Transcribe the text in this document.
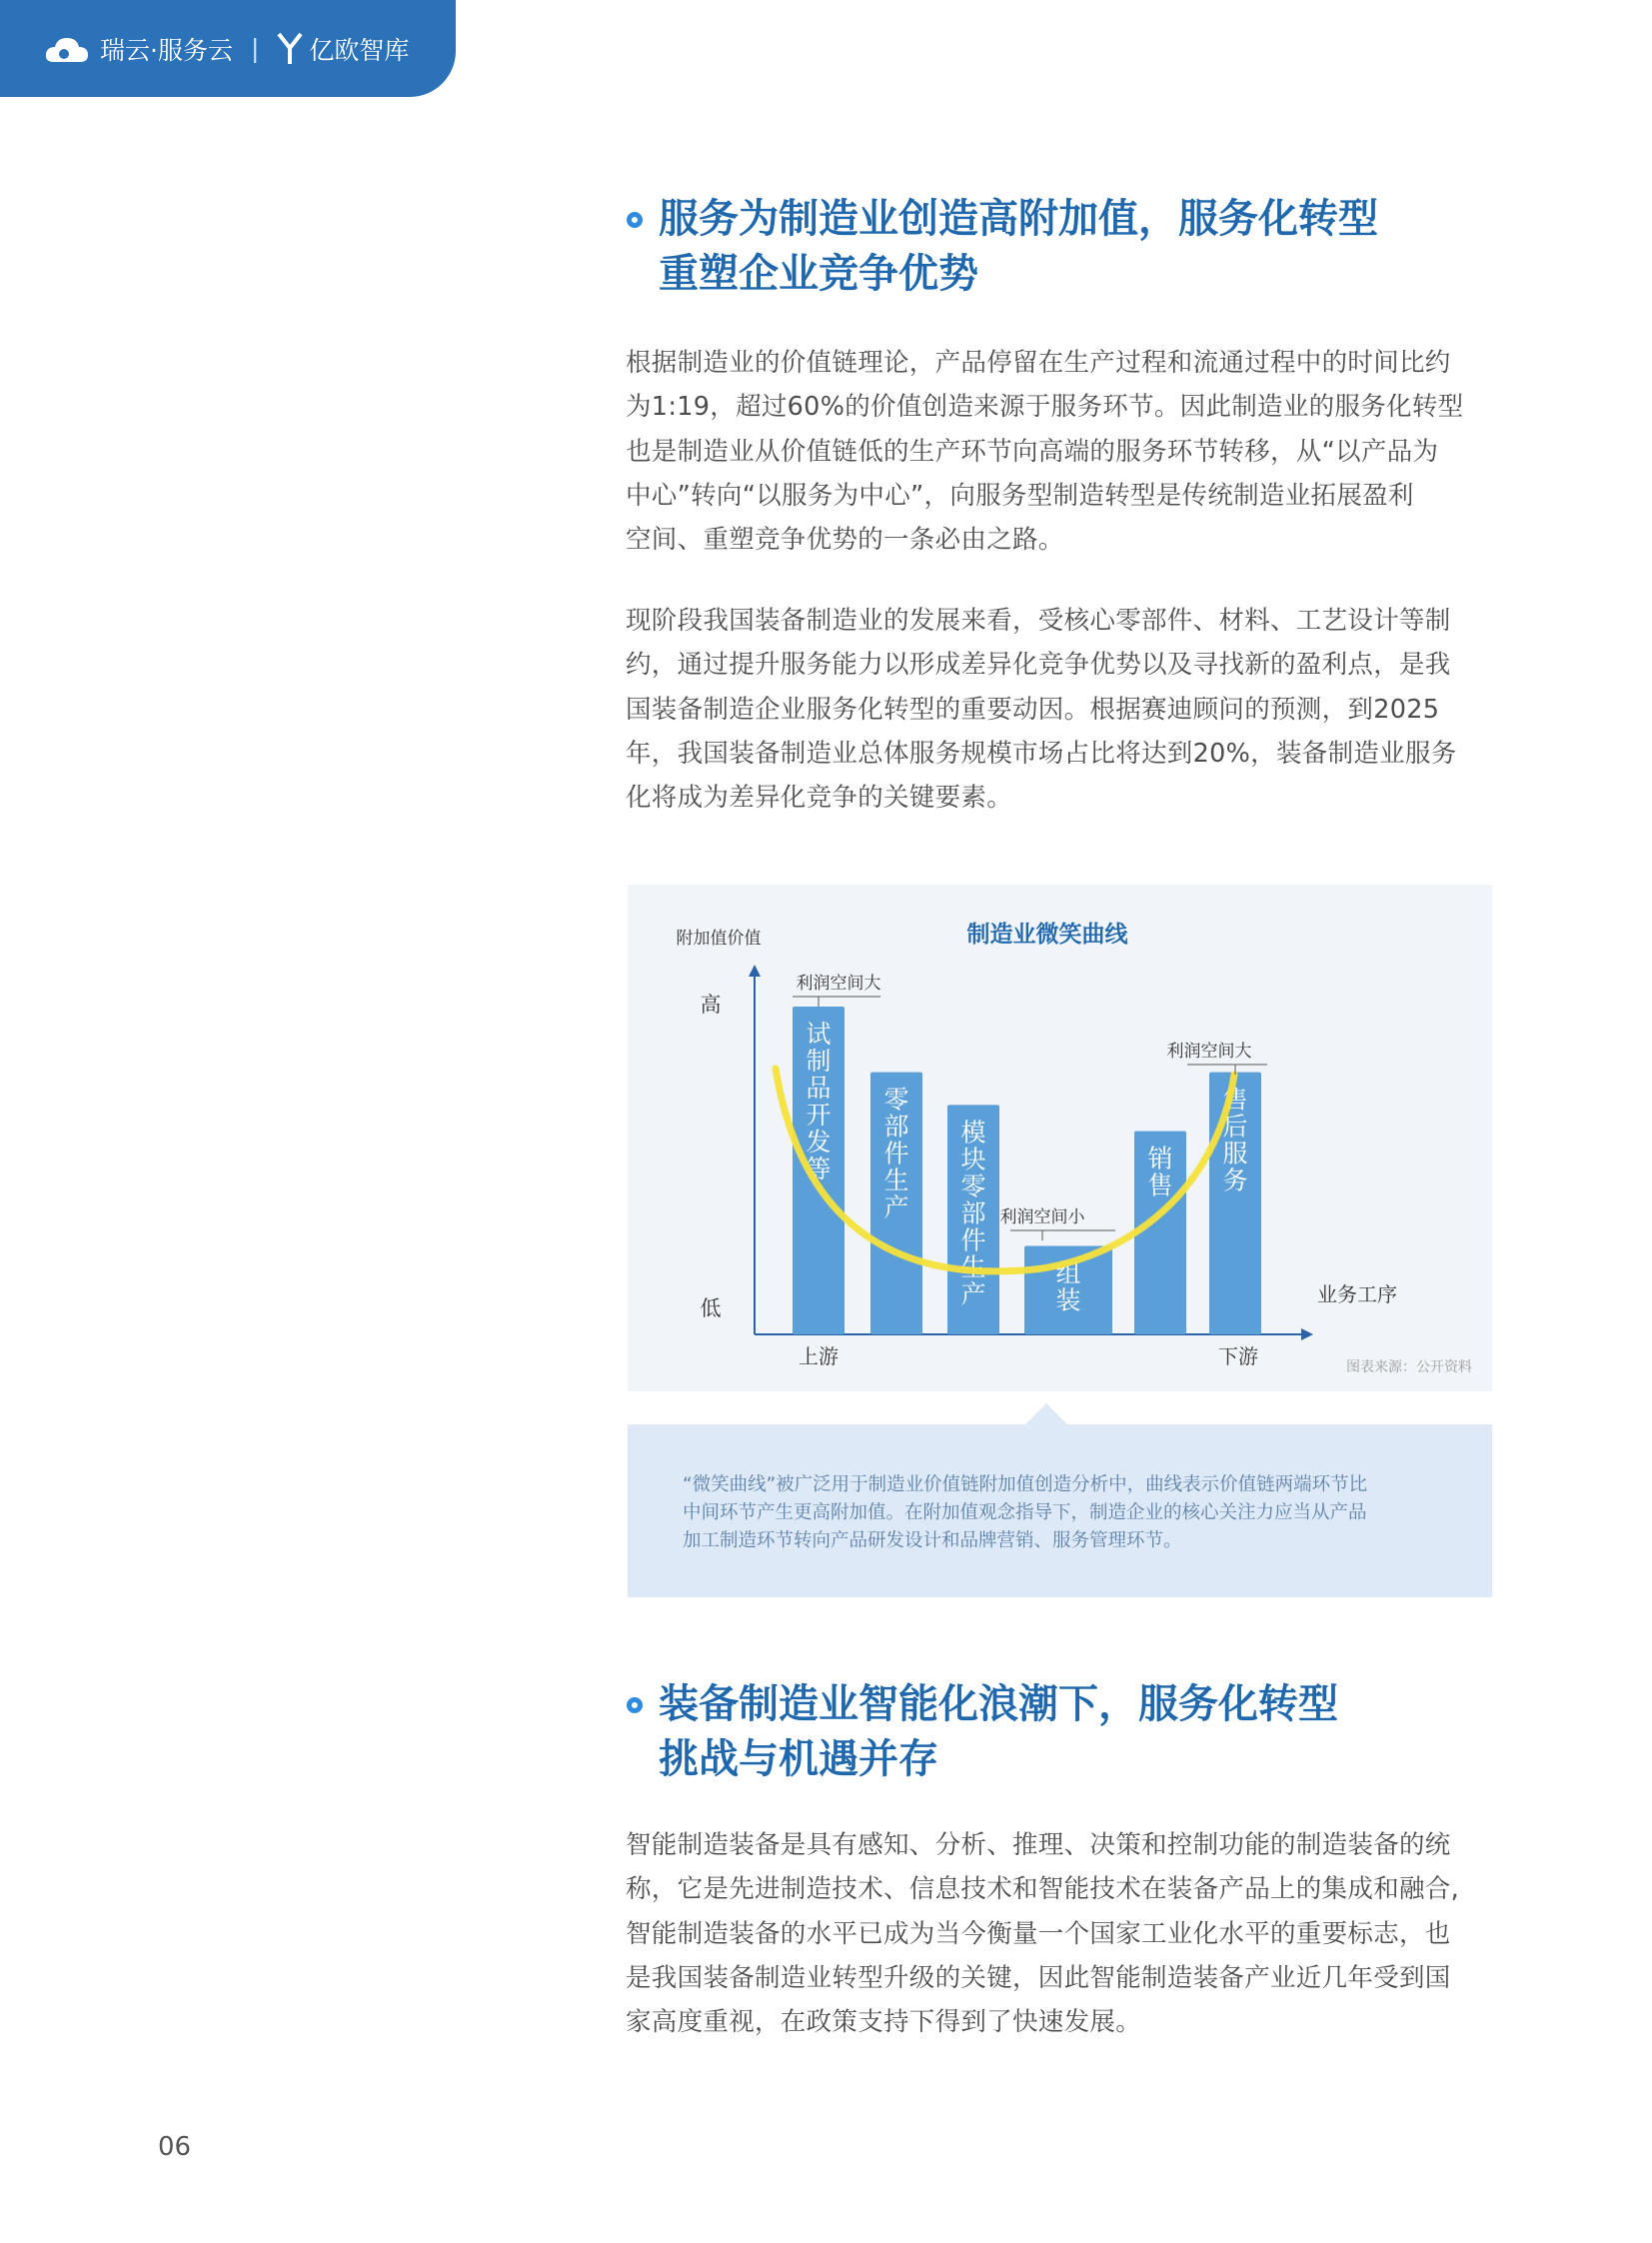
瑞云·服务云 | 亿欧智库
服务为制造业创造高附加值，服务化转型
重塑企业竞争优势
根据制造业的价值链理论，产品停留在生产过程和流通过程中的时间比约
为1:19，超过60%的价值创造来源于服务环节。因此制造业的服务化转型
也是制造业从价值链低的生产环节向高端的服务环节转移，从“以产品为
中心”转向“以服务为中心”，向服务型制造转型是传统制造业拓展盈利
空间、重塑竞争优势的一条必由之路。
现阶段我国装备制造业的发展来看，受核心零部件、材料、工艺设计等制
约，通过提升服务能力以形成差异化竞争优势以及寻找新的盈利点，是我
国装备制造企业服务化转型的重要动因。根据赛迪顾问的预测，到2025
年，我国装备制造业总体服务规模市场占比将达到20%，装备制造业服务
化将成为差异化竞争的关键要素。
制造业微笑曲线
附加值价值
高
低
业务工序
上游	下游
试制品开发等
零部件生产
模块零部件生产
组装
销售
售后服务
利润空间大
利润空间小
利润空间大
图表来源：公开资料
“微笑曲线”被广泛用于制造业价值链附加值创造分析中，曲线表示价值链两端环节比
中间环节产生更高附加值。在附加值观念指导下，制造企业的核心关注力应当从产品
加工制造环节转向产品研发设计和品牌营销、服务管理环节。
装备制造业智能化浪潮下，服务化转型
挑战与机遇并存
智能制造装备是具有感知、分析、推理、决策和控制功能的制造装备的统
称，它是先进制造技术、信息技术和智能技术在装备产品上的集成和融合,
智能制造装备的水平已成为当今衡量一个国家工业化水平的重要标志，也
是我国装备制造业转型升级的关键，因此智能制造装备产业近几年受到国
家高度重视，在政策支持下得到了快速发展。
06
